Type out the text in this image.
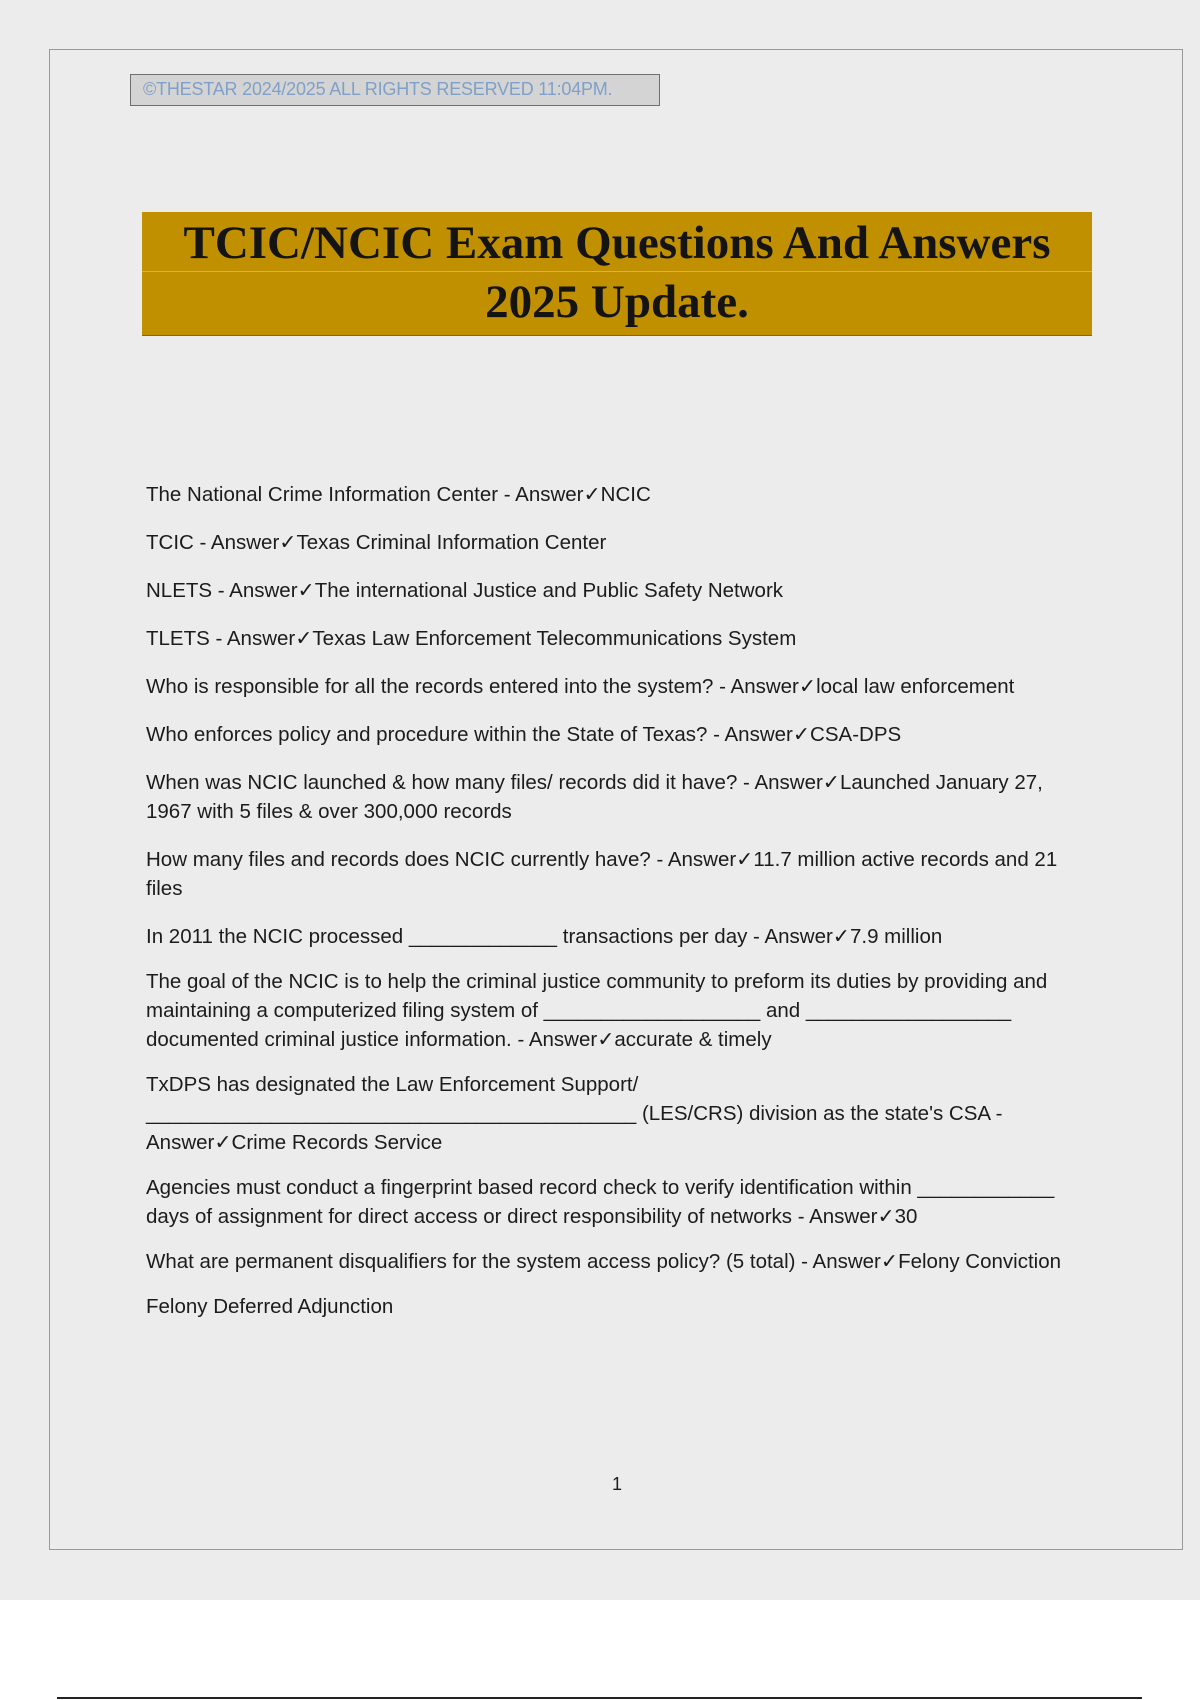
©THESTAR 2024/2025 ALL RIGHTS RESERVED 11:04PM.
TCIC/NCIC Exam Questions And Answers
2025 Update.
The National Crime Information Center - Answer✓NCIC
TCIC - Answer✓Texas Criminal Information Center
NLETS - Answer✓The international Justice and Public Safety Network
TLETS - Answer✓Texas Law Enforcement Telecommunications System
Who is responsible for all the records entered into the system? - Answer✓local law enforcement
Who enforces policy and procedure within the State of Texas? - Answer✓CSA-DPS
When was NCIC launched & how many files/ records did it have? - Answer✓Launched January 27, 1967 with 5 files & over 300,000 records
How many files and records does NCIC currently have? - Answer✓11.7 million active records and 21 files
In 2011 the NCIC processed _____________ transactions per day - Answer✓7.9 million
The goal of the NCIC is to help the criminal justice community to preform its duties by providing and maintaining a computerized filing system of ___________________ and __________________ documented criminal justice information. - Answer✓accurate & timely
TxDPS has designated the Law Enforcement Support/ ___________________________________________ (LES/CRS) division as the state's CSA - Answer✓Crime Records Service
Agencies must conduct a fingerprint based record check to verify identification within ____________ days of assignment for direct access or direct responsibility of networks - Answer✓30
What are permanent disqualifiers for the system access policy? (5 total) - Answer✓Felony Conviction
Felony Deferred Adjunction
1
